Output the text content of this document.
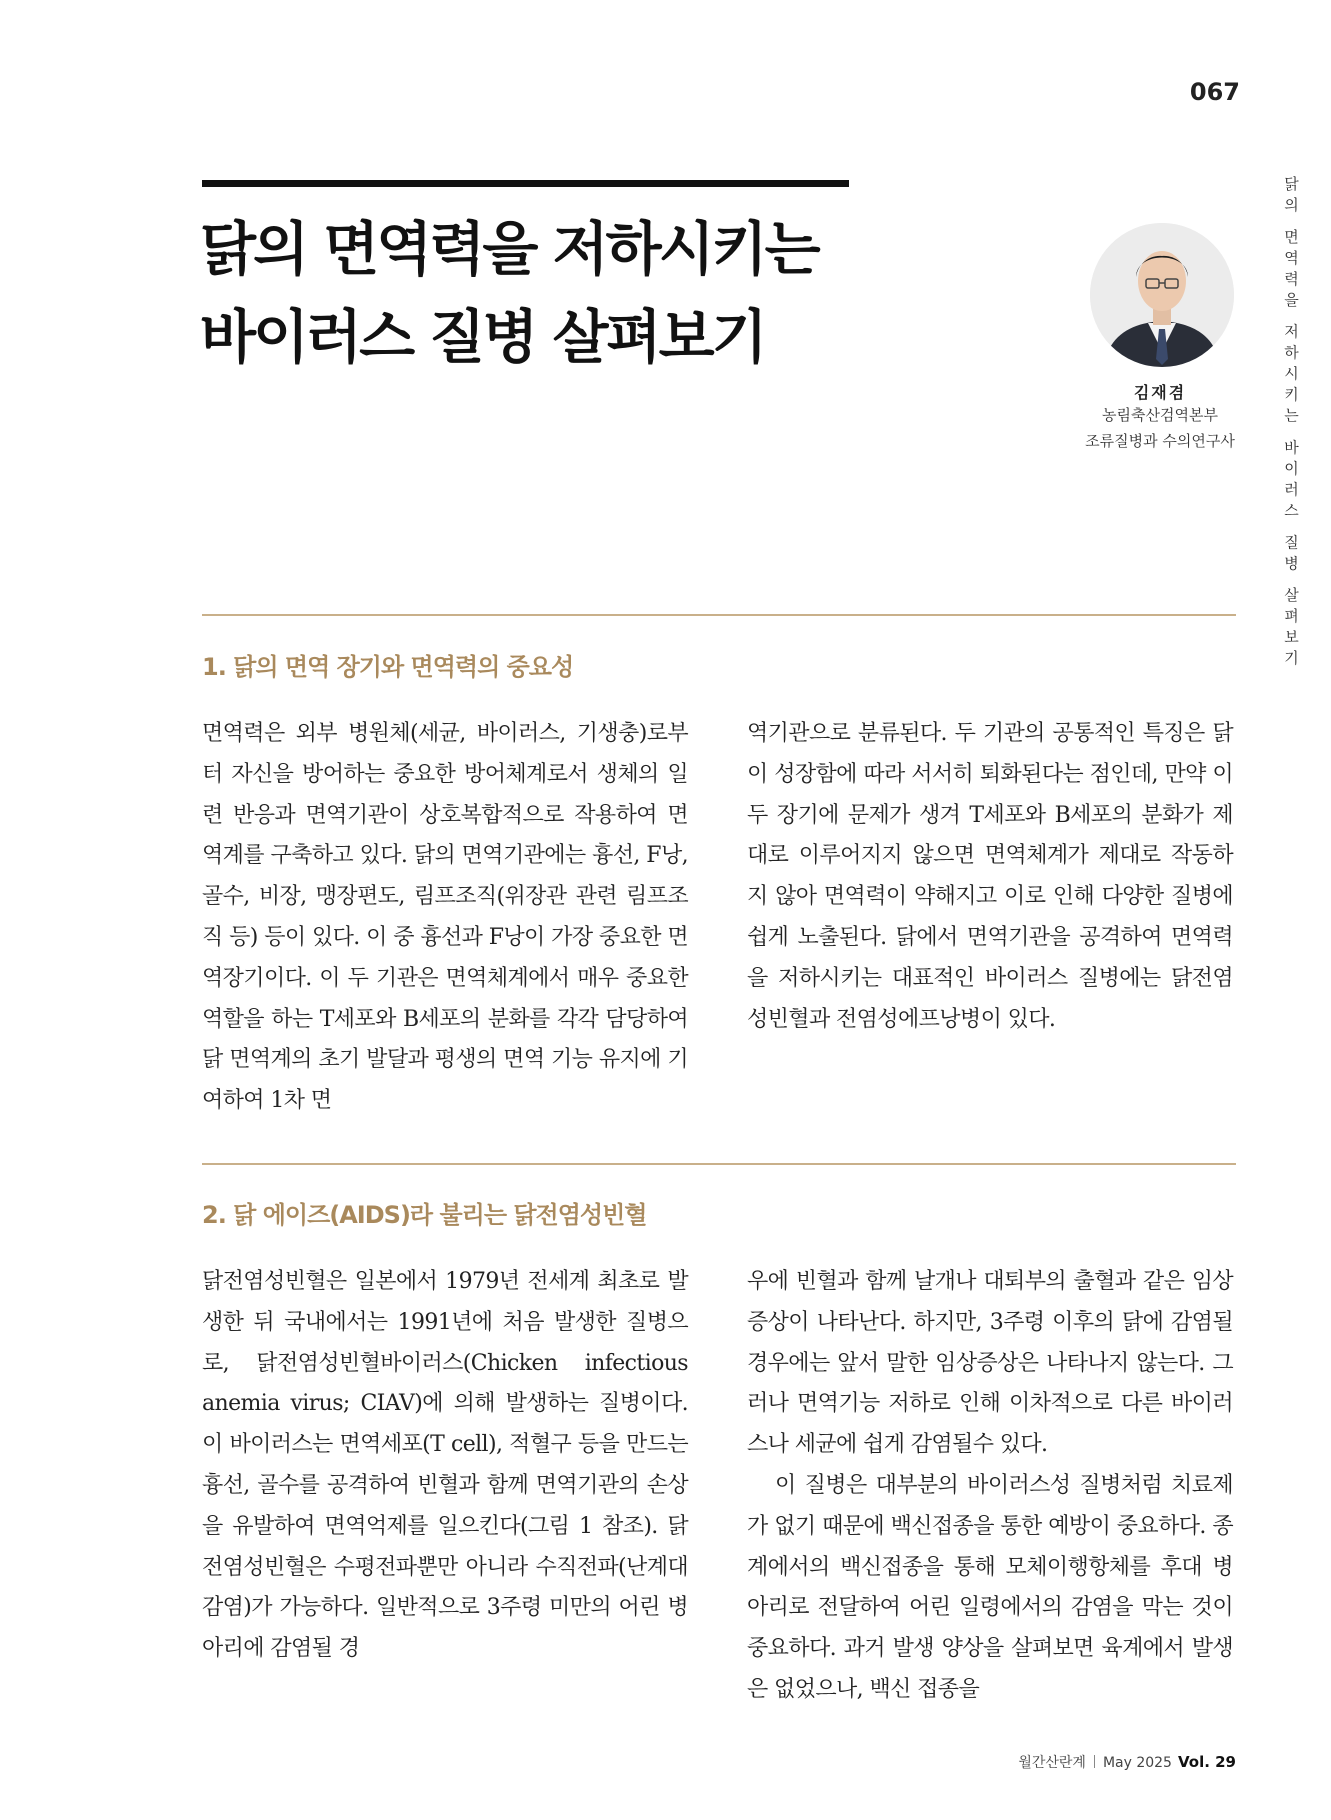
067
닭의 면역력을 저하시키는
바이러스 질병 살펴보기	닭의 면역력을 저하시키는 바이러스 질병 살펴보기
김재겸
농림축산검역본부
조류질병과 수의연구사
1. 닭의 면역 장기와 면역력의 중요성

면역력은 외부 병원체(세균, 바이러스, 기생충)로부터 자신을 방어하는 중요한 방어체계로서 생체의 일련 반응과 면역기관이 상호복합적으로 작용하여 면역계를 구축하고 있다. 닭의 면역기관에는 흉선, F낭, 골수, 비장, 맹장편도, 림프조직(위장관 관련 림프조직 등) 등이 있다. 이 중 흉선과 F낭이 가장 중요한 면역장기이다. 이 두 기관은 면역체계에서 매우 중요한 역할을 하는 T세포와 B세포의 분화를 각각 담당하여 닭 면역계의 초기 발달과 평생의 면역 기능 유지에 기여하여 1차 면

역기관으로 분류된다. 두 기관의 공통적인 특징은 닭이 성장함에 따라 서서히 퇴화된다는 점인데, 만약 이 두 장기에 문제가 생겨 T세포와 B세포의 분화가 제대로 이루어지지 않으면 면역체계가 제대로 작동하지 않아 면역력이 약해지고 이로 인해 다양한 질병에 쉽게 노출된다. 닭에서 면역기관을 공격하여 면역력을 저하시키는 대표적인 바이러스 질병에는 닭전염성빈혈과 전염성에프낭병이 있다.

2. 닭 에이즈(AIDS)라 불리는 닭전염성빈혈

닭전염성빈혈은 일본에서 1979년 전세계 최초로 발생한 뒤 국내에서는 1991년에 처음 발생한 질병으로, 닭전염성빈혈바이러스(Chicken infectious anemia virus; CIAV)에 의해 발생하는 질병이다. 이 바이러스는 면역세포(T cell), 적혈구 등을 만드는 흉선, 골수를 공격하여 빈혈과 함께 면역기관의 손상을 유발하여 면역억제를 일으킨다(그림 1 참조). 닭전염성빈혈은 수평전파뿐만 아니라 수직전파(난계대 감염)가 가능하다. 일반적으로 3주령 미만의 어린 병아리에 감염될 경

우에 빈혈과 함께 날개나 대퇴부의 출혈과 같은 임상증상이 나타난다. 하지만, 3주령 이후의 닭에 감염될 경우에는 앞서 말한 임상증상은 나타나지 않는다. 그러나 면역기능 저하로 인해 이차적으로 다른 바이러스나 세균에 쉽게 감염될수 있다.

이 질병은 대부분의 바이러스성 질병처럼 치료제가 없기 때문에 백신접종을 통한 예방이 중요하다. 종계에서의 백신접종을 통해 모체이행항체를 후대 병아리로 전달하여 어린 일령에서의 감염을 막는 것이 중요하다. 과거 발생 양상을 살펴보면 육계에서 발생은 없었으나, 백신 접종을

월간산란계 May 2025 Vol. 29
